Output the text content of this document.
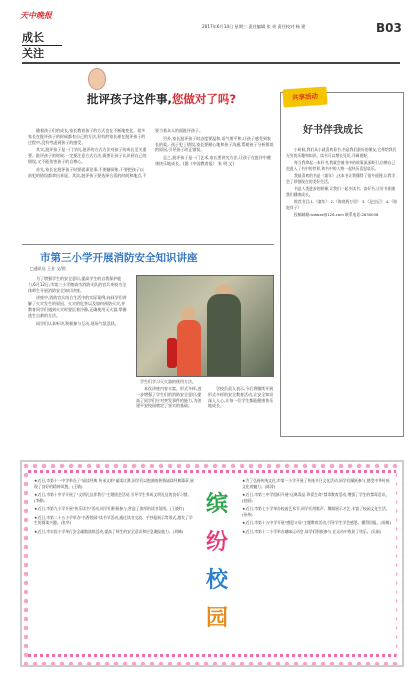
天中晚报
成长
关注
2017年6月14日 星期三 责任编辑 张 弟 责任校对 杨 建	B03
批评孩子这件事,您做对了吗?

随着孩子们的成长,家长教育孩子的方式也在不断地变化。很多家长在批评孩子的时候都有自己的方法,但有的家长却在批评孩子的过程中,没有考虑到孩子的感受。

其实,批评孩子是一门学问,批评的方式方法对孩子的成长至关重要。批评孩子的时候,一定要注意方式方法,既要让孩子认识到自己的错误,又不能伤害孩子的自尊心。

首先,家长在批评孩子时要就事论事,不要翻旧账,不要把孩子以前犯的错误都拿出来说。其次,批评孩子要选择合适的时间和地点,不要当着众人的面批评孩子。

另外,家长批评孩子时态度要温和,语气要平和,让孩子感受到家长的爱。孩子犯了错误,家长要耐心地和孩子沟通,帮助孩子分析错误的原因,引导孩子改正错误。

总之,批评孩子是一门艺术,家长要讲究方法,让孩子在批评中健康快乐地成长。(据《中国教育报》 张 明 文)

共享活动
好书伴我成长

小时候,我们从小就喜欢看书,书是我们最好的朋友,它带给我们无穷的乐趣和知识。读书可以增长见识,开阔视野。

每当我拿起一本好书,我就会被书中的故事深深吸引,仿佛自己也进入了书中的世界,和书中的人物一起经历喜怒哀乐。

我最喜欢的书是《童年》,这本书让我懂得了很多道理,让我学会了珍惜现在的美好生活。

书是人类进步的阶梯,让我们一起多读书、读好书,让好书伴随我们健康成长。

推荐书目:1.《童年》 2.《海底两万里》 3.《昆虫记》 4.《骆驼祥子》

投稿邮箱:tzwbzz@126.com 联系电话:2830038

市第三小学开展消防安全知识讲座
□通讯员 王芳 文/图

为了增强学生的安全意识,提高学生的自我保护能力,6月12日,市第三小学邀请市消防支队的官兵来校为全体师生开展消防安全知识讲座。

讲座中,消防官兵结合生活中的实际案例,向同学们讲解了火灾发生的原因、火灾的危害以及如何预防火灾,并教育同学们遇到火灾时要沉着冷静,正确使用灭火器,掌握逃生自救的方法。

同学们认真听讲,积极参与互动,现场气氛活跃。

学生们学习灭火器的使用方法。

本次讲座内容丰富、形式多样,进一步增强了学生们的消防安全意识,提高了同学们应对突发事件的能力,为创建平安校园奠定了坚实的基础。

学校负责人表示,今后将继续开展形式多样的安全教育活动,让安全知识深入人心,让每一位学生都能健康快乐地成长。

★近日,市第十一中学举办了"诵读经典 传承文明"诵读比赛,同学们以饱满的热情诵读经典篇章,展现了良好的精神风貌。(王敏)

★近日,市第十中学开展了"文明礼仪伴我行"主题班会活动,引导学生养成文明礼仪的良好习惯。(李静)

★近日,市第九小学开展"快乐读书"活动,同学们积极参与,营造了浓厚的读书氛围。(王晓红)

★近日,市第二十五小学举办"书香校园"读书节活动,通过读书交流、手抄报展示等形式,激发了学生的阅读兴趣。(张华)

★近日,市实验小学举行安全疏散演练活动,提高了师生的安全意识和应急避险能力。(刘峰)

缤
纷
校
园

★为了弘扬传统文化,市第一小学开展了传统节日文化活动,同学们踊跃参与,感受中华传统文化的魅力。(陈涛)

★近日,市第三中学组织开展"远离毒品 珍爱生命"禁毒教育活动,增强了学生的禁毒意识。(赵丽)

★近日,市第七小学举办校园艺术节,同学们用歌声、舞蹈展示才艺,丰富了校园文化生活。(孙伟)

★近日,市第十五中学开展"感恩父母"主题教育活动,引导学生学会感恩、懂得回报。(周敏)

★近日,市第十二小学举办趣味运动会,同学们积极参与,在运动中收获了快乐。(吴刚)
